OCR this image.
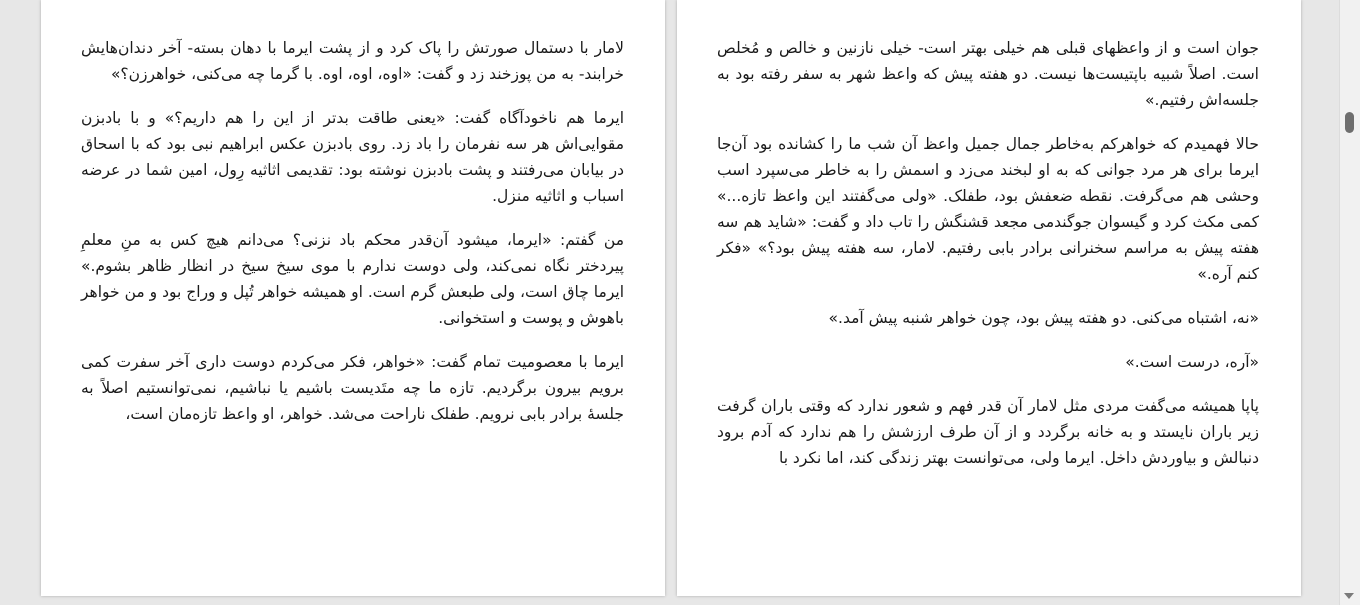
لامار با دستمال صورتش را پاک کرد و از پشت ایرما با دهان بسته- آخر دندان‌هایش خرابند- به من پوزخند زد و گفت: «اوه، اوه، اوه. با گرما چه می‌کنی، خواهرزن؟»

ایرما هم ناخودآگاه گفت: «یعنی طاقت بدتر از این را هم داریم؟» و با بادبزن مقوایی‌اش هر سه نفرمان را باد زد. روی بادبزن عکس ابراهیم نبی بود که با اسحاق در بیابان می‌رفتند و پشت بادبزن نوشته بود: تقدیمی اثاثیه رِول، امین شما در عرضه اسباب و اثاثیه منزل.

من گفتم: «ایرما، میشود آن‌قدر محکم باد نزنی؟ می‌دانم هیچ کس به منِ معلمِ پیردختر نگاه نمی‌کند، ولی دوست ندارم با موی سیخ سیخ در انظار ظاهر بشوم.» ایرما چاق است، ولی طبعش گرم است. او همیشه خواهر تُپل و وراج بود و من خواهر باهوش و پوست و استخوانی.

ایرما با معصومیت تمام گفت: «خواهر، فکر می‌کردم دوست داری آخر سفرت کمی برویم بیرون برگردیم. تازه ما چه متَدیست باشیم یا نباشیم، نمی‌توانستیم اصلاً به جلسهٔ برادر بابی نرویم. طفلک ناراحت می‌شد. خواهر، او واعظ تازه‌مان است،

جوان است و از واعظهای قبلی هم خیلی بهتر است- خیلی نازنین و خالص و مُخلص است. اصلاً شبیه باپتیست‌ها نیست. دو هفته پیش که واعظ شهر به سفر رفته بود به جلسه‌اش رفتیم.»

حالا فهمیدم که خواهرکم به‌خاطر جمال جمیل واعظ آن شب ما را کشانده بود آن‌جا ایرما برای هر مرد جوانی که به او لبخند می‌زد و اسمش را به خاطر می‌سپرد اسب وحشی هم می‌گرفت. نقطه ضعفش بود، طفلک. «ولی می‌گفتند این واعظ تازه...» کمی مکث کرد و گیسوان جوگندمی مجعد قشنگش را تاب داد و گفت: «شاید هم سه هفته پیش به مراسم سخنرانی برادر بابی رفتیم. لامار، سه هفته پیش بود؟» «فکر کنم آره.»

«نه، اشتباه می‌کنی. دو هفته پیش بود، چون خواهر شنبه پیش آمد.»

«آره، درست است.»

پاپا همیشه می‌گفت مردی مثل لامار آن قدر فهم و شعور ندارد که وقتی باران گرفت زیر باران نایستد و به خانه برگردد و از آن طرف ارزشش را هم ندارد که آدم برود دنبالش و بیاوردش داخل. ایرما ولی، می‌توانست بهتر زندگی کند، اما نکرد با
